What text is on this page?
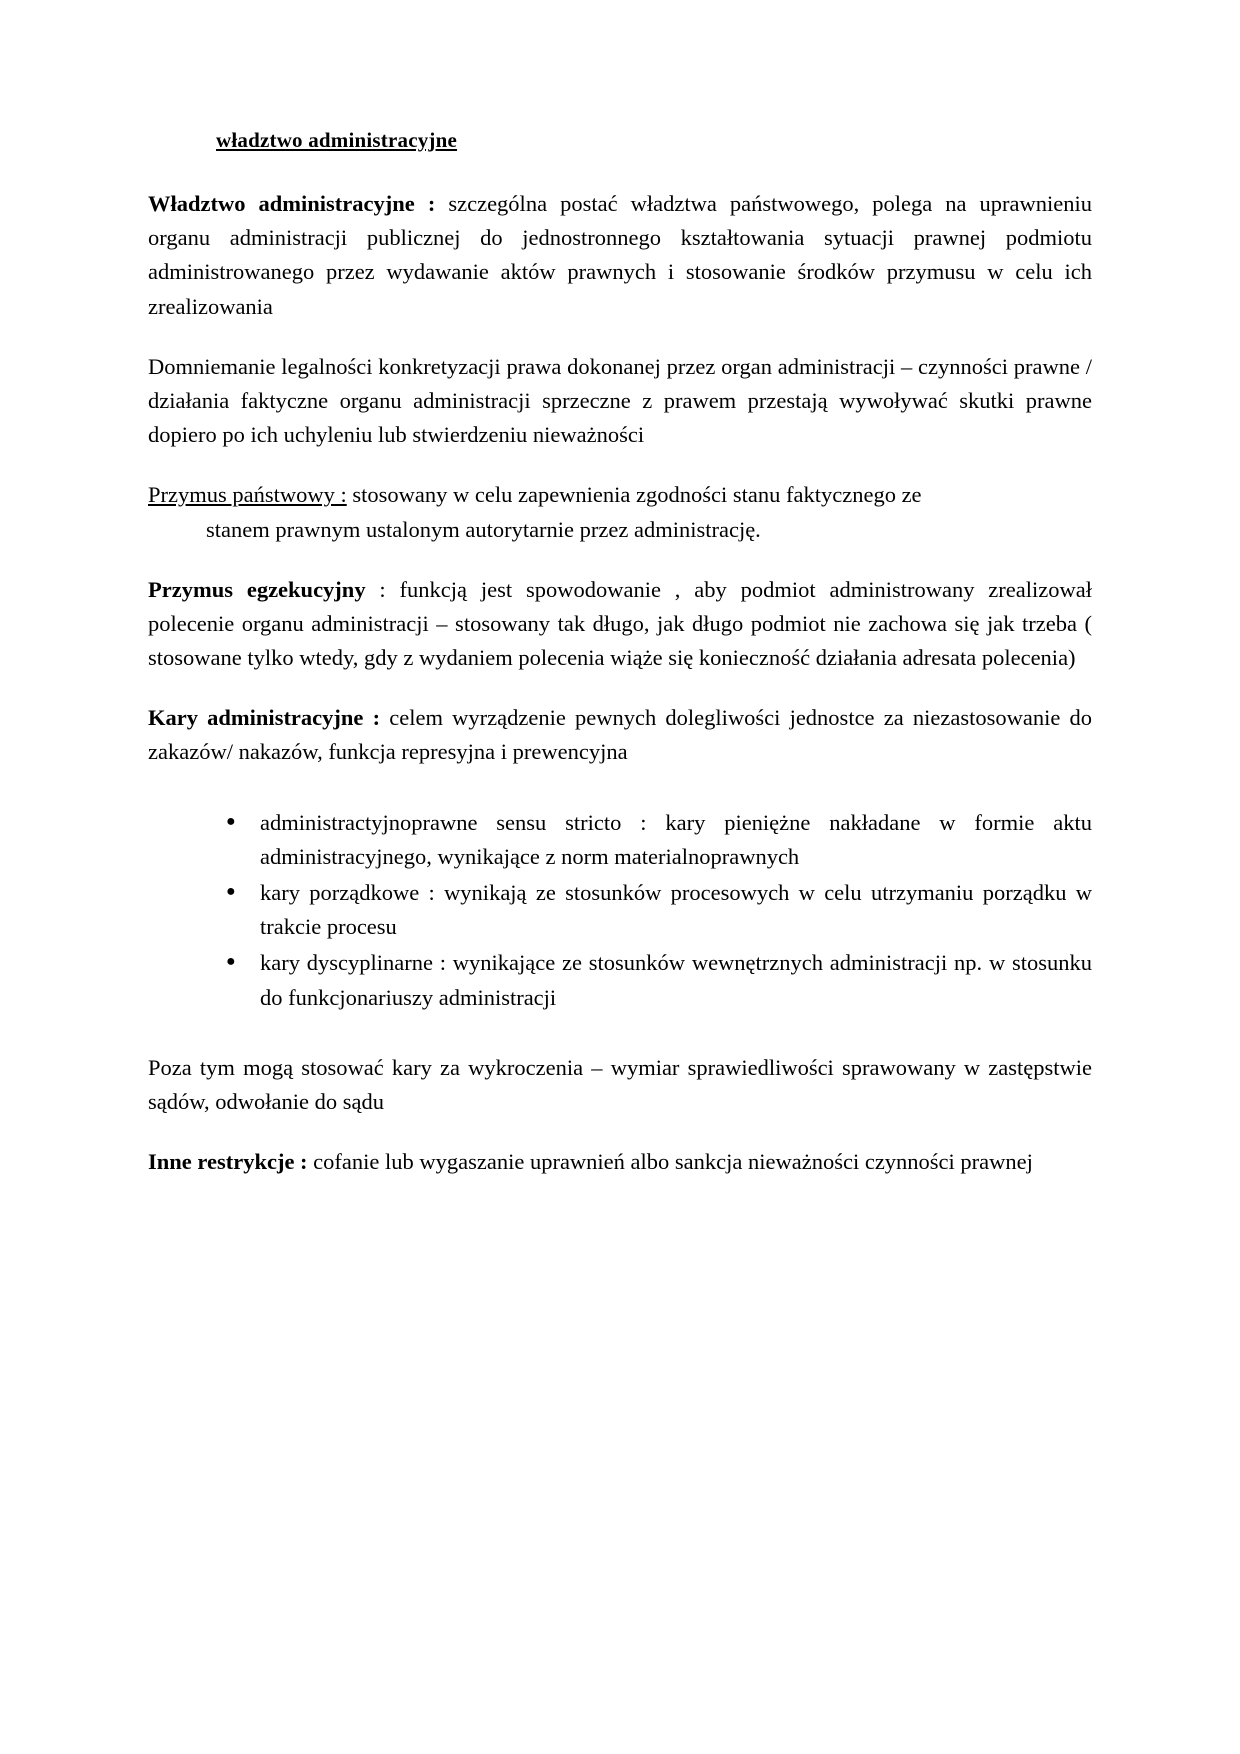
władztwo administracyjne

Władztwo administracyjne : szczególna postać władztwa państwowego, polega na uprawnieniu organu administracji publicznej do jednostronnego kształtowania sytuacji prawnej podmiotu administrowanego przez wydawanie aktów prawnych i stosowanie środków przymusu w celu ich zrealizowania

Domniemanie legalności konkretyzacji prawa dokonanej przez organ administracji – czynności prawne / działania faktyczne organu administracji sprzeczne z prawem przestają wywoływać skutki prawne dopiero po ich uchyleniu lub stwierdzeniu nieważności

Przymus państwowy : stosowany w celu zapewnienia zgodności stanu faktycznego ze
stanem prawnym ustalonym autorytarnie przez administrację.

Przymus egzekucyjny : funkcją jest spowodowanie , aby podmiot administrowany zrealizował polecenie organu administracji – stosowany tak długo, jak długo podmiot nie zachowa się jak trzeba ( stosowane tylko wtedy, gdy z wydaniem polecenia wiąże się konieczność działania adresata polecenia)

Kary administracyjne : celem wyrządzenie pewnych dolegliwości jednostce za niezastosowanie do zakazów/ nakazów, funkcja represyjna i prewencyjna

● administractyjnoprawne sensu stricto : kary pieniężne nakładane w formie aktu administracyjnego, wynikające z norm materialnoprawnych
● kary porządkowe : wynikają ze stosunków procesowych w celu utrzymaniu porządku w trakcie procesu
● kary dyscyplinarne : wynikające ze stosunków wewnętrznych administracji np. w stosunku do funkcjonariuszy administracji

Poza tym mogą stosować kary za wykroczenia – wymiar sprawiedliwości sprawowany w zastępstwie sądów, odwołanie do sądu

Inne restrykcje : cofanie lub wygaszanie uprawnień albo sankcja nieważności czynności prawnej
